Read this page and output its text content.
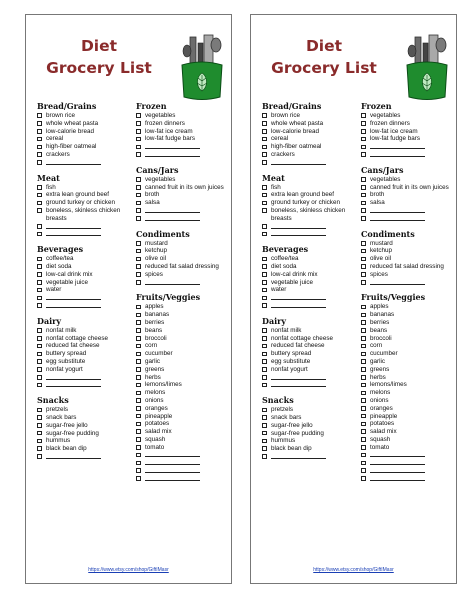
Diet
Grocery List
Bread/Grains
brown rice
whole wheat pasta
low-calorie bread
cereal
high-fiber oatmeal
crackers
Meat
fish
extra lean ground beef
ground turkey or chicken
boneless, skinless chicken breasts
Beverages
coffee/tea
diet soda
low-cal drink mix
vegetable juice
water
Dairy
nonfat milk
nonfat cottage cheese
reduced fat cheese
buttery spread
egg substitute
nonfat yogurt
Snacks
pretzels
snack bars
sugar-free jello
sugar-free pudding
hummus
black bean dip
Frozen
vegetables
frozen dinners
low-fat ice cream
low-fat fudge bars
Cans/Jars
vegetables
canned fruit in its own juices
broth
salsa
Condiments
mustard
ketchup
olive oil
reduced fat salad dressing
spices
Fruits/Veggies
apples
bananas
berries
beans
broccoli
corn
cucumber
garlic
greens
herbs
lemons/limes
melons
onions
oranges
pineapple
potatoes
salad mix
squash
tomato
https://www.etsy.com/shop/GiftIMasr
Diet
Grocery List
Bread/Grains
brown rice
whole wheat pasta
low-calorie bread
cereal
high-fiber oatmeal
crackers
Meat
fish
extra lean ground beef
ground turkey or chicken
boneless, skinless chicken breasts
Beverages
coffee/tea
diet soda
low-cal drink mix
vegetable juice
water
Dairy
nonfat milk
nonfat cottage cheese
reduced fat cheese
buttery spread
egg substitute
nonfat yogurt
Snacks
pretzels
snack bars
sugar-free jello
sugar-free pudding
hummus
black bean dip
Frozen
vegetables
frozen dinners
low-fat ice cream
low-fat fudge bars
Cans/Jars
vegetables
canned fruit in its own juices
broth
salsa
Condiments
mustard
ketchup
olive oil
reduced fat salad dressing
spices
Fruits/Veggies
apples
bananas
berries
beans
broccoli
corn
cucumber
garlic
greens
herbs
lemons/limes
melons
onions
oranges
pineapple
potatoes
salad mix
squash
tomato
https://www.etsy.com/shop/GiftIMasr
